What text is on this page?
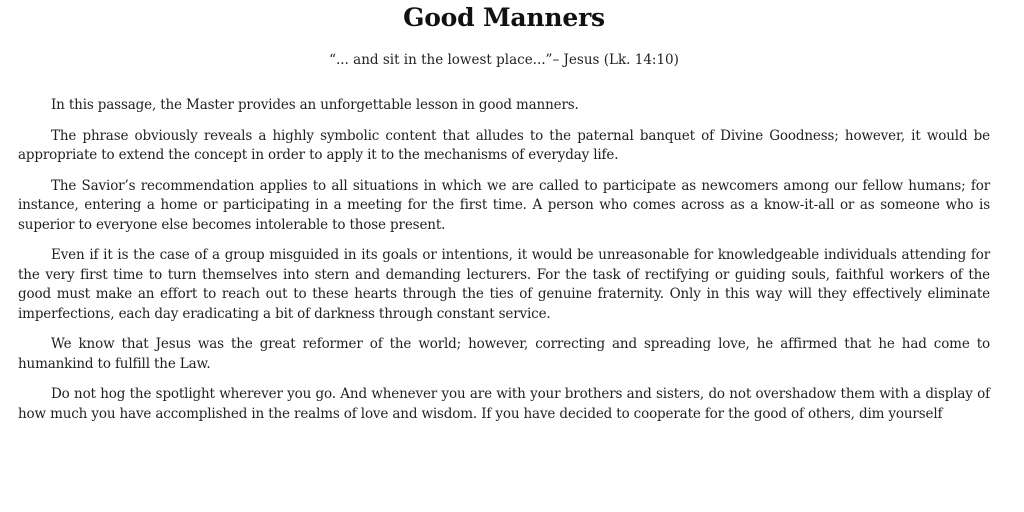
Good Manners

“... and sit in the lowest place...”– Jesus (Lk. 14:10)

In this passage, the Master provides an unforgettable lesson in good manners.

The phrase obviously reveals a highly symbolic content that alludes to the paternal banquet of Divine Goodness; however, it would be appropriate to extend the concept in order to apply it to the mechanisms of everyday life.

The Savior’s recommendation applies to all situations in which we are called to participate as newcomers among our fellow humans; for instance, entering a home or participating in a meeting for the first time. A person who comes across as a know-it-all or as someone who is superior to everyone else becomes intolerable to those present.

Even if it is the case of a group misguided in its goals or intentions, it would be unreasonable for knowledgeable individuals attending for the very first time to turn themselves into stern and demanding lecturers. For the task of rectifying or guiding souls, faithful workers of the good must make an effort to reach out to these hearts through the ties of genuine fraternity. Only in this way will they effectively eliminate imperfections, each day eradicating a bit of darkness through constant service.

We know that Jesus was the great reformer of the world; however, correcting and spreading love, he affirmed that he had come to humankind to fulfill the Law.

Do not hog the spotlight wherever you go. And whenever you are with your brothers and sisters, do not overshadow them with a display of how much you have accomplished in the realms of love and wisdom. If you have decided to cooperate for the good of others, dim yourself
